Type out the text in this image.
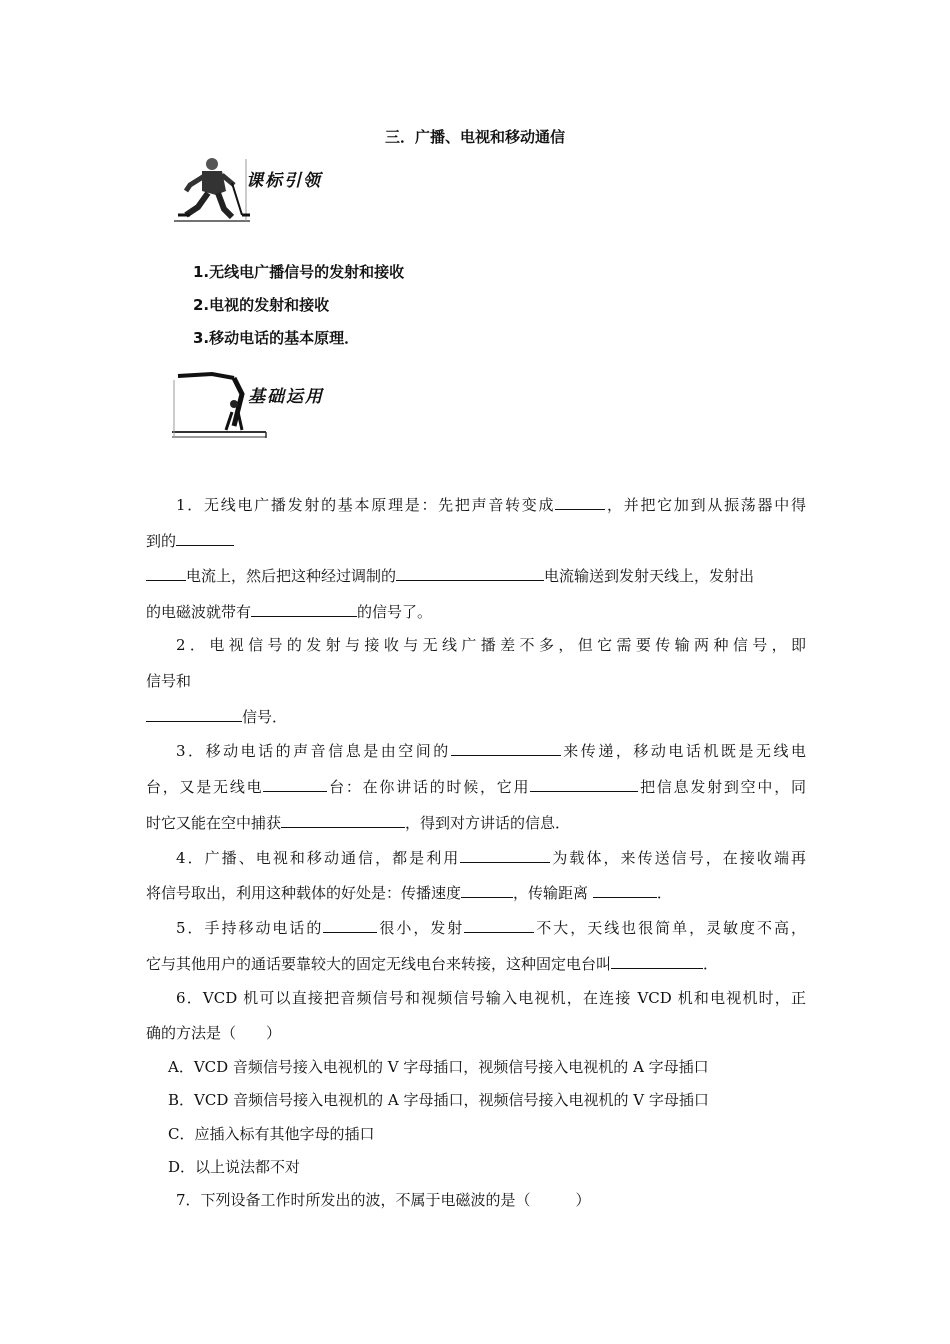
三．广播、电视和移动通信
课标引领
1.无线电广播信号的发射和接收
2.电视的发射和接收
3.移动电话的基本原理．
基础运用
1．无线电广播发射的基本原理是：先把声音转变成	，并把它加到从振荡器中得
到的
电流上，然后把这种经过调制的	电流输送到发射天线上，发射出
的电磁波就带有	的信号了。
2．电视信号的发射与接收与无线广播差不多，但它需要传输两种信号，即
信号和
信号．
3．移动电话的声音信息是由空间的	来传递，移动电话机既是无线电
台，又是无线电	台：在你讲话的时候，它用	把信息发射到空中，同
时它又能在空中捕获	，得到对方讲话的信息．
4．广播、电视和移动通信，都是利用	为载体，来传送信号，在接收端再
将信号取出，利用这种载体的好处是：传播速度	，传输距离	．
5．手持移动电话的	很小，发射	不大，天线也很简单，灵敏度不高，
它与其他用户的通话要靠较大的固定无线电台来转接，这种固定电台叫	．
6．VCD 机可以直接把音频信号和视频信号输入电视机，在连接 VCD 机和电视机时，正
确的方法是（　　）
A．VCD 音频信号接入电视机的 V 字母插口，视频信号接入电视机的 A 字母插口
B．VCD 音频信号接入电视机的 A 字母插口，视频信号接入电视机的 V 字母插口
C．应插入标有其他字母的插口
D．以上说法都不对
7．下列设备工作时所发出的波，不属于电磁波的是（　　　）
